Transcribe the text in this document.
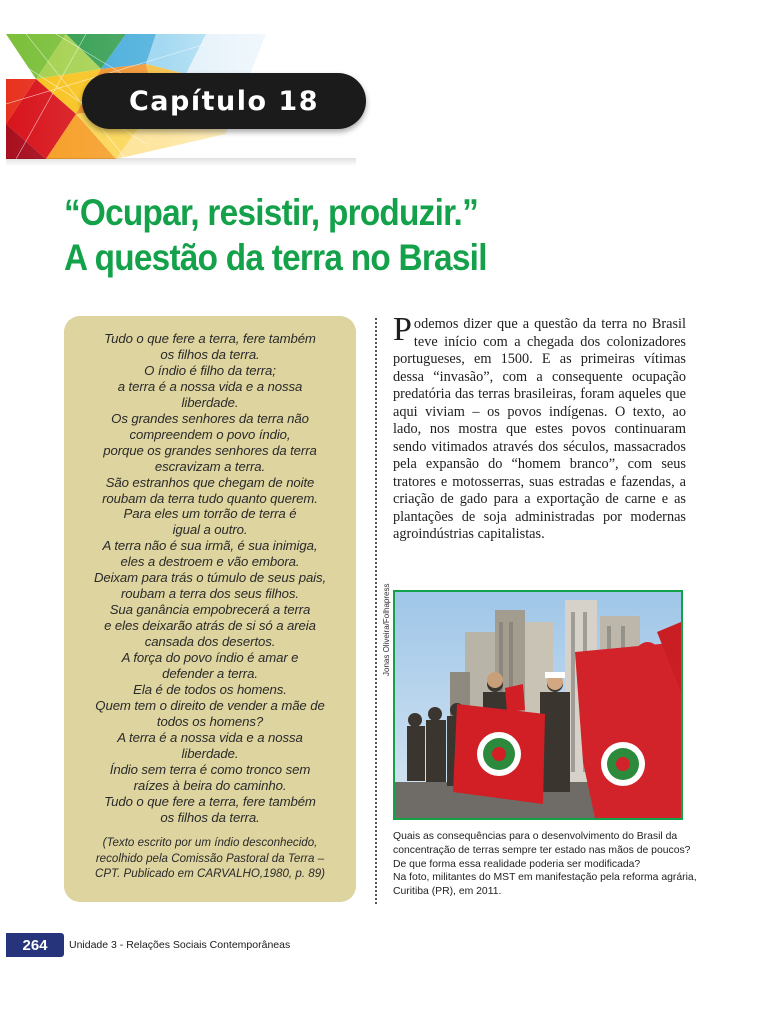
Capítulo 18
“Ocupar, resistir, produzir.”
A questão da terra no Brasil
Tudo o que fere a terra, fere também
os filhos da terra.
O índio é filho da terra;
a terra é a nossa vida e a nossa
liberdade.
Os grandes senhores da terra não
compreendem o povo índio,
porque os grandes senhores da terra
escravizam a terra.
São estranhos que chegam de noite
roubam da terra tudo quanto querem.
Para eles um torrão de terra é
igual a outro.
A terra não é sua irmã, é sua inimiga,
eles a destroem e vão embora.
Deixam para trás o túmulo de seus pais,
roubam a terra dos seus filhos.
Sua ganância empobrecerá a terra
e eles deixarão atrás de si só a areia
cansada dos desertos.
A força do povo índio é amar e
defender a terra.
Ela é de todos os homens.
Quem tem o direito de vender a mãe de
todos os homens?
A terra é a nossa vida e a nossa
liberdade.
Índio sem terra é como tronco sem
raízes à beira do caminho.
Tudo o que fere a terra, fere também
os filhos da terra.
(Texto escrito por um índio desconhecido,
recolhido pela Comissão Pastoral da Terra –
CPT. Publicado em CARVALHO,1980, p. 89)
Podemos dizer que a questão da terra no Brasil teve início com a chegada dos colonizadores portugueses, em 1500. E as primeiras vítimas dessa “invasão”, com a consequente ocupação predatória das terras brasileiras, foram aqueles que aqui viviam – os povos indígenas. O texto, ao lado, nos mostra que estes povos continuaram sendo vitimados através dos séculos, massacrados pela expansão do “homem branco”, com seus tratores e motosserras, suas estradas e fazendas, a criação de gado para a exportação de carne e as plantações de soja administradas por modernas agroindústrias capitalistas.
Jonas Oliveira/Folhapress
Quais as consequências para o desenvolvimento do Brasil da
concentração de terras sempre ter estado nas mãos de poucos?
De que forma essa realidade poderia ser modificada?
Na foto, militantes do MST em manifestação pela reforma agrária,
Curitiba (PR), em 2011.
264 Unidade 3 - Relações Sociais Contemporâneas
